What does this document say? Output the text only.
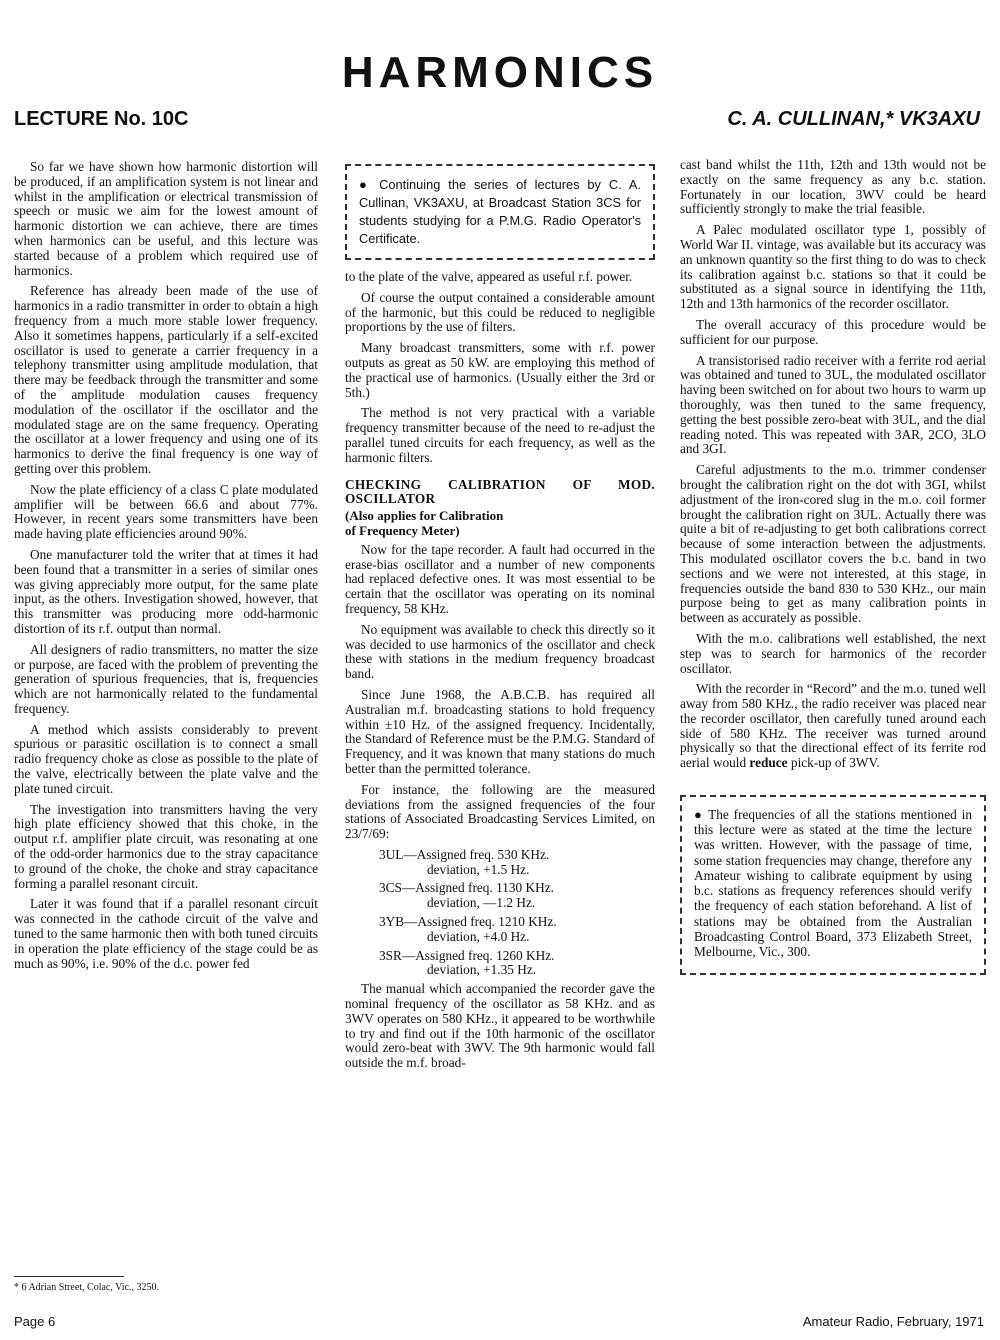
HARMONICS
LECTURE No. 10C	C. A. CULLINAN,* VK3AXU

So far we have shown how harmonic distortion will be produced, if an amplification system is not linear and whilst in the amplification or electrical transmission of speech or music we aim for the lowest amount of harmonic distortion we can achieve, there are times when harmonics can be useful, and this lecture was started because of a problem which required use of harmonics.

Reference has already been made of the use of harmonics in a radio transmitter in order to obtain a high frequency from a much more stable lower frequency. Also it sometimes happens, particularly if a self-excited oscillator is used to generate a carrier frequency in a telephony transmitter using amplitude modulation, that there may be feedback through the transmitter and some of the amplitude modulation causes frequency modulation of the oscillator if the oscillator and the modulated stage are on the same frequency. Operating the oscillator at a lower frequency and using one of its harmonics to derive the final frequency is one way of getting over this problem.

Now the plate efficiency of a class C plate modulated amplifier will be between 66.6 and about 77%. However, in recent years some transmitters have been made having plate efficiencies around 90%.

One manufacturer told the writer that at times it had been found that a transmitter in a series of similar ones was giving appreciably more output, for the same plate input, as the others. Investigation showed, however, that this transmitter was producing more odd-harmonic distortion of its r.f. output than normal.

All designers of radio transmitters, no matter the size or purpose, are faced with the problem of preventing the generation of spurious frequencies, that is, frequencies which are not harmonically related to the fundamental frequency.

A method which assists considerably to prevent spurious or parasitic oscillation is to connect a small radio frequency choke as close as possible to the plate of the valve, electrically between the plate valve and the plate tuned circuit.

The investigation into transmitters having the very high plate efficiency showed that this choke, in the output r.f. amplifier plate circuit, was resonating at one of the odd-order harmonics due to the stray capacitance to ground of the choke, the choke and stray capacitance forming a parallel resonant circuit.

Later it was found that if a parallel resonant circuit was connected in the cathode circuit of the valve and tuned to the same harmonic then with both tuned circuits in operation the plate efficiency of the stage could be as much as 90%, i.e. 90% of the d.c. power fed

● Continuing the series of lectures by C. A. Cullinan, VK3AXU, at Broadcast Station 3CS for students studying for a P.M.G. Radio Operator's Certificate.

to the plate of the valve, appeared as useful r.f. power.

Of course the output contained a considerable amount of the harmonic, but this could be reduced to negligible proportions by the use of filters.

Many broadcast transmitters, some with r.f. power outputs as great as 50 kW. are employing this method of the practical use of harmonics. (Usually either the 3rd or 5th.)

The method is not very practical with a variable frequency transmitter because of the need to re-adjust the parallel tuned circuits for each frequency, as well as the harmonic filters.

CHECKING CALIBRATION OF MOD. OSCILLATOR
(Also applies for Calibration
of Frequency Meter)

Now for the tape recorder. A fault had occurred in the erase-bias oscillator and a number of new components had replaced defective ones. It was most essential to be certain that the oscillator was operating on its nominal frequency, 58 KHz.

No equipment was available to check this directly so it was decided to use harmonics of the oscillator and check these with stations in the medium frequency broadcast band.

Since June 1968, the A.B.C.B. has required all Australian m.f. broadcasting stations to hold frequency within ±10 Hz. of the assigned frequency. Incidentally, the Standard of Reference must be the P.M.G. Standard of Frequency, and it was known that many stations do much better than the permitted tolerance.

For instance, the following are the measured deviations from the assigned frequencies of the four stations of Associated Broadcasting Services Limited, on 23/7/69:

3UL—Assigned freq. 530 KHz.
deviation, +1.5 Hz.
3CS—Assigned freq. 1130 KHz.
deviation, —1.2 Hz.
3YB—Assigned freq. 1210 KHz.
deviation, +4.0 Hz.
3SR—Assigned freq. 1260 KHz.
deviation, +1.35 Hz.

The manual which accompanied the recorder gave the nominal frequency of the oscillator as 58 KHz. and as 3WV operates on 580 KHz., it appeared to be worthwhile to try and find out if the 10th harmonic of the oscillator would zero-beat with 3WV. The 9th harmonic would fall outside the m.f. broad-

cast band whilst the 11th, 12th and 13th would not be exactly on the same frequency as any b.c. station. Fortunately in our location, 3WV could be heard sufficiently strongly to make the trial feasible.

A Palec modulated oscillator type 1, possibly of World War II. vintage, was available but its accuracy was an unknown quantity so the first thing to do was to check its calibration against b.c. stations so that it could be substituted as a signal source in identifying the 11th, 12th and 13th harmonics of the recorder oscillator.

The overall accuracy of this procedure would be sufficient for our purpose.

A transistorised radio receiver with a ferrite rod aerial was obtained and tuned to 3UL, the modulated oscillator having been switched on for about two hours to warm up thoroughly, was then tuned to the same frequency, getting the best possible zero-beat with 3UL, and the dial reading noted. This was repeated with 3AR, 2CO, 3LO and 3GI.

Careful adjustments to the m.o. trimmer condenser brought the calibration right on the dot with 3GI, whilst adjustment of the iron-cored slug in the m.o. coil former brought the calibration right on 3UL. Actually there was quite a bit of re-adjusting to get both calibrations correct because of some interaction between the adjustments. This modulated oscillator covers the b.c. band in two sections and we were not interested, at this stage, in frequencies outside the band 830 to 530 KHz., our main purpose being to get as many calibration points in between as accurately as possible.

With the m.o. calibrations well established, the next step was to search for harmonics of the recorder oscillator.

With the recorder in “Record” and the m.o. tuned well away from 580 KHz., the radio receiver was placed near the recorder oscillator, then carefully tuned around each side of 580 KHz. The receiver was turned around physically so that the directional effect of its ferrite rod aerial would reduce pick-up of 3WV.

● The frequencies of all the stations mentioned in this lecture were as stated at the time the lecture was written. However, with the passage of time, some station frequencies may change, therefore any Amateur wishing to calibrate equipment by using b.c. stations as frequency references should verify the frequency of each station beforehand. A list of stations may be obtained from the Australian Broadcasting Control Board, 373 Elizabeth Street, Melbourne, Vic., 300.
* 6 Adrian Street, Colac, Vic., 3250.
Page 6	Amateur Radio, February, 1971
